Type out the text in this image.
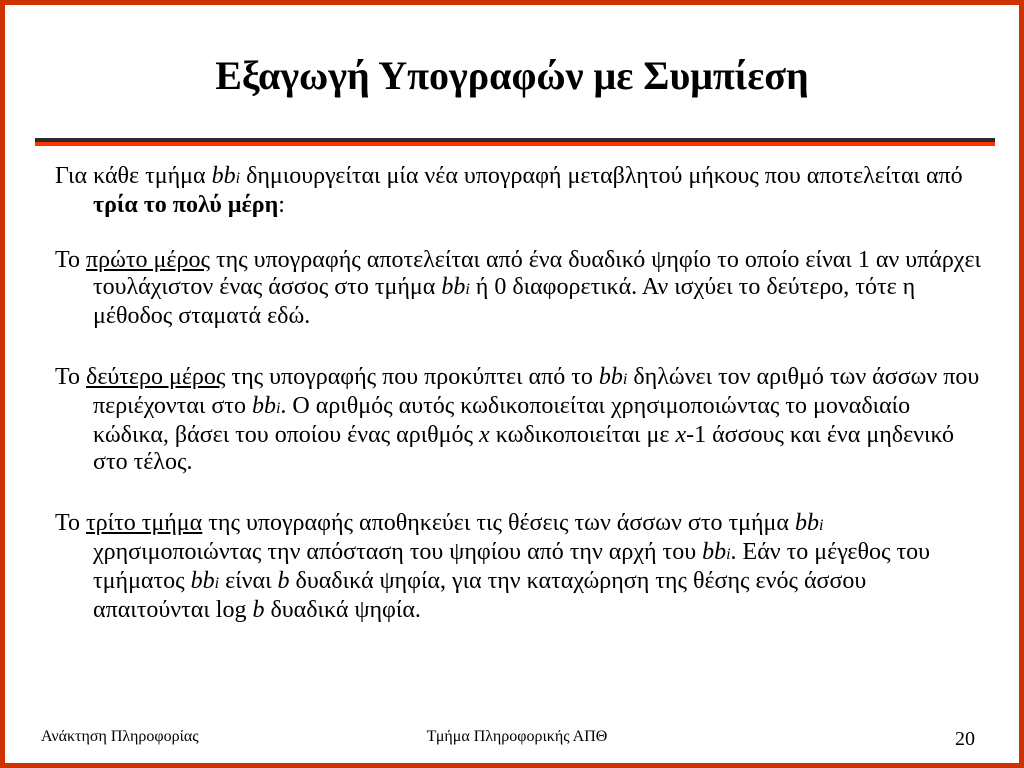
Εξαγωγή Υπογραφών με Συμπίεση

Για κάθε τμήμα bbi δημιουργείται μία νέα υπογραφή μεταβλητού μήκους που αποτελείται από τρία το πολύ μέρη:

Το πρώτο μέρος της υπογραφής αποτελείται από ένα δυαδικό ψηφίο το οποίο είναι 1 αν υπάρχει τουλάχιστον ένας άσσος στο τμήμα bbi ή 0 διαφορετικά. Αν ισχύει το δεύτερο, τότε η μέθοδος σταματά εδώ.

Το δεύτερο μέρος της υπογραφής που προκύπτει από το bbi δηλώνει τον αριθμό των άσσων που περιέχονται στο bbi. Ο αριθμός αυτός κωδικοποιείται χρησιμοποιώντας το μοναδιαίο κώδικα, βάσει του οποίου ένας αριθμός x κωδικοποιείται με x-1 άσσους και ένα μηδενικό στο τέλος.

Το τρίτο τμήμα της υπογραφής αποθηκεύει τις θέσεις των άσσων στο τμήμα bbi χρησιμοποιώντας την απόσταση του ψηφίου από την αρχή του bbi. Εάν το μέγεθος του τμήματος bbi είναι b δυαδικά ψηφία, για την καταχώρηση της θέσης ενός άσσου απαιτούνται log b δυαδικά ψηφία.

Ανάκτηση Πληροφορίας	Τμήμα Πληροφορικής ΑΠΘ	20
